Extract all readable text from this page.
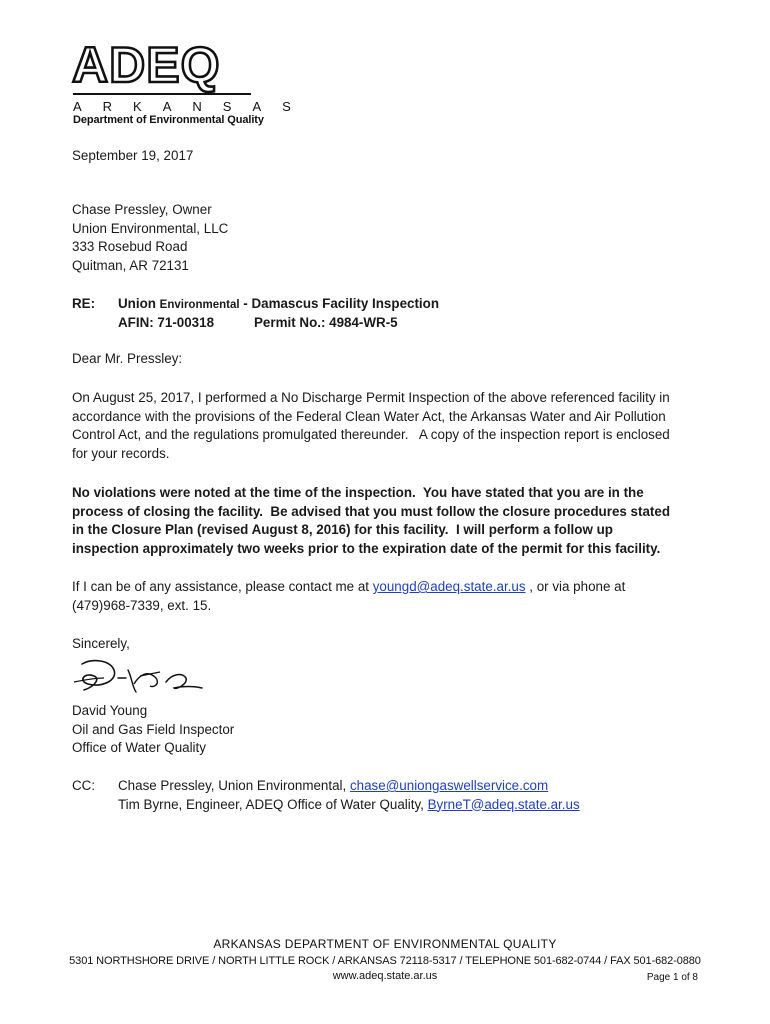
ADEQ
ARKANSAS
Department of Environmental Quality
September 19, 2017
Chase Pressley, Owner
Union Environmental, LLC
333 Rosebud Road
Quitman, AR 72131
RE: Union Environmental - Damascus Facility Inspection
AFIN: 71-00318	Permit No.: 4984-WR-5
Dear Mr. Pressley:
On August 25, 2017, I performed a No Discharge Permit Inspection of the above referenced facility in
accordance with the provisions of the Federal Clean Water Act, the Arkansas Water and Air Pollution
Control Act, and the regulations promulgated thereunder.   A copy of the inspection report is enclosed
for your records.
No violations were noted at the time of the inspection.  You have stated that you are in the
process of closing the facility.  Be advised that you must follow the closure procedures stated
in the Closure Plan (revised August 8, 2016) for this facility.  I will perform a follow up
inspection approximately two weeks prior to the expiration date of the permit for this facility.
If I can be of any assistance, please contact me at youngd@adeq.state.ar.us , or via phone at
(479)968-7339, ext. 15.
Sincerely,
David Young
Oil and Gas Field Inspector
Office of Water Quality
CC: Chase Pressley, Union Environmental, chase@uniongaswellservice.com
Tim Byrne, Engineer, ADEQ Office of Water Quality, ByrneT@adeq.state.ar.us
ARKANSAS DEPARTMENT OF ENVIRONMENTAL QUALITY
5301 NORTHSHORE DRIVE / NORTH LITTLE ROCK / ARKANSAS 72118-5317 / TELEPHONE 501-682-0744 / FAX 501-682-0880
www.adeq.state.ar.us	Page 1 of 8
